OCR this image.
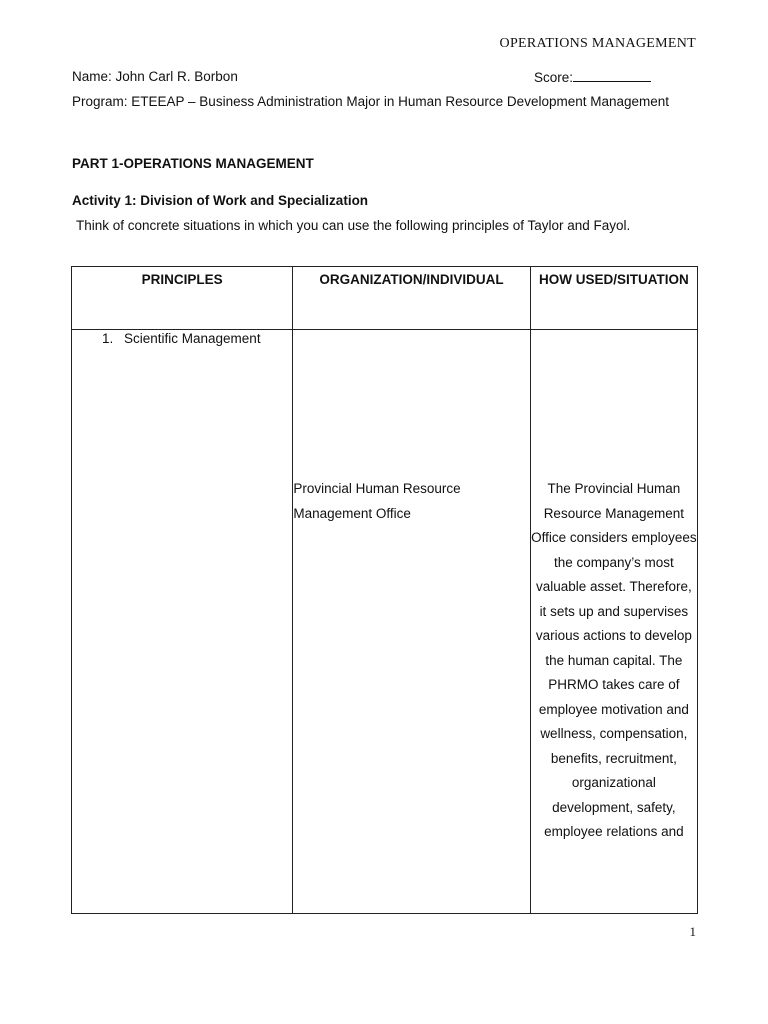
OPERATIONS MANAGEMENT
Name: John Carl R. Borbon	Score:
Program: ETEEAP – Business Administration Major in Human Resource Development Management
PART 1-OPERATIONS MANAGEMENT
Activity 1: Division of Work and Specialization
Think of concrete situations in which you can use the following principles of Taylor and Fayol.
PRINCIPLES	ORGANIZATION/INDIVIDUAL	HOW USED/SITUATION

1. Scientific Management	Provincial Human Resource Management Office	The Provincial Human Resource Management Office considers employees the company’s most valuable asset. Therefore, it sets up and supervises various actions to develop the human capital. The PHRMO takes care of employee motivation and wellness, compensation, benefits, recruitment, organizational development, safety, employee relations and
1
